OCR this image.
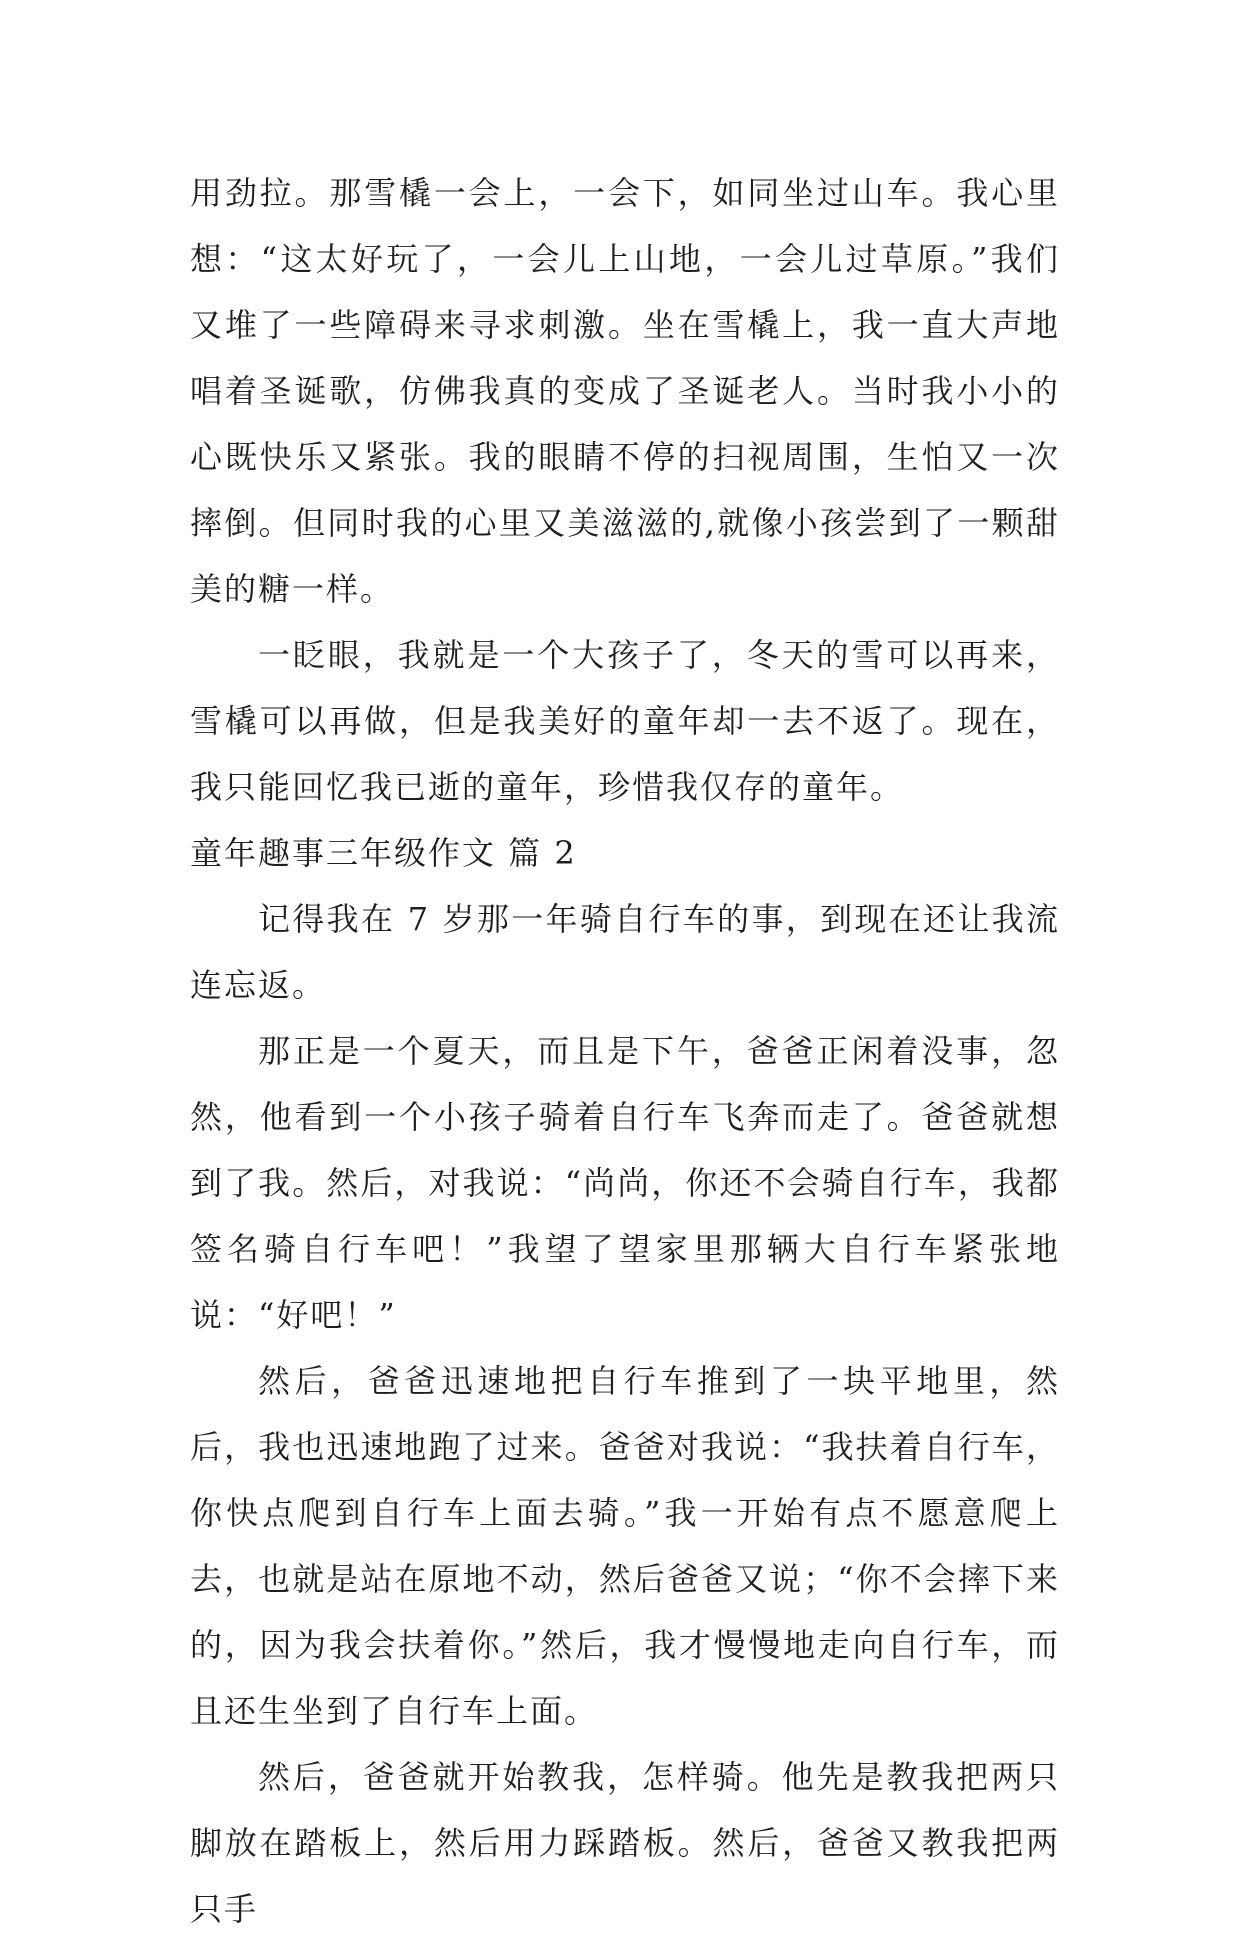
用劲拉。那雪橇一会上，一会下，如同坐过山车。我心里想：“这太好玩了，一会儿上山地，一会儿过草原。”我们又堆了一些障碍来寻求刺激。坐在雪橇上，我一直大声地唱着圣诞歌，仿佛我真的变成了圣诞老人。当时我小小的心既快乐又紧张。我的眼睛不停的扫视周围，生怕又一次摔倒。但同时我的心里又美滋滋的,就像小孩尝到了一颗甜美的糖一样。

一眨眼，我就是一个大孩子了，冬天的雪可以再来，雪橇可以再做，但是我美好的童年却一去不返了。现在，我只能回忆我已逝的童年，珍惜我仅存的童年。

童年趣事三年级作文 篇 2

记得我在 7 岁那一年骑自行车的事，到现在还让我流连忘返。

那正是一个夏天，而且是下午，爸爸正闲着没事，忽然，他看到一个小孩子骑着自行车飞奔而走了。爸爸就想到了我。然后，对我说：“尚尚，你还不会骑自行车，我都签名骑自行车吧！”我望了望家里那辆大自行车紧张地说：“好吧！”

然后，爸爸迅速地把自行车推到了一块平地里，然后，我也迅速地跑了过来。爸爸对我说：“我扶着自行车，你快点爬到自行车上面去骑。”我一开始有点不愿意爬上去，也就是站在原地不动，然后爸爸又说；“你不会摔下来的，因为我会扶着你。”然后，我才慢慢地走向自行车，而且还生坐到了自行车上面。

然后，爸爸就开始教我，怎样骑。他先是教我把两只脚放在踏板上，然后用力踩踏板。然后，爸爸又教我把两只手
